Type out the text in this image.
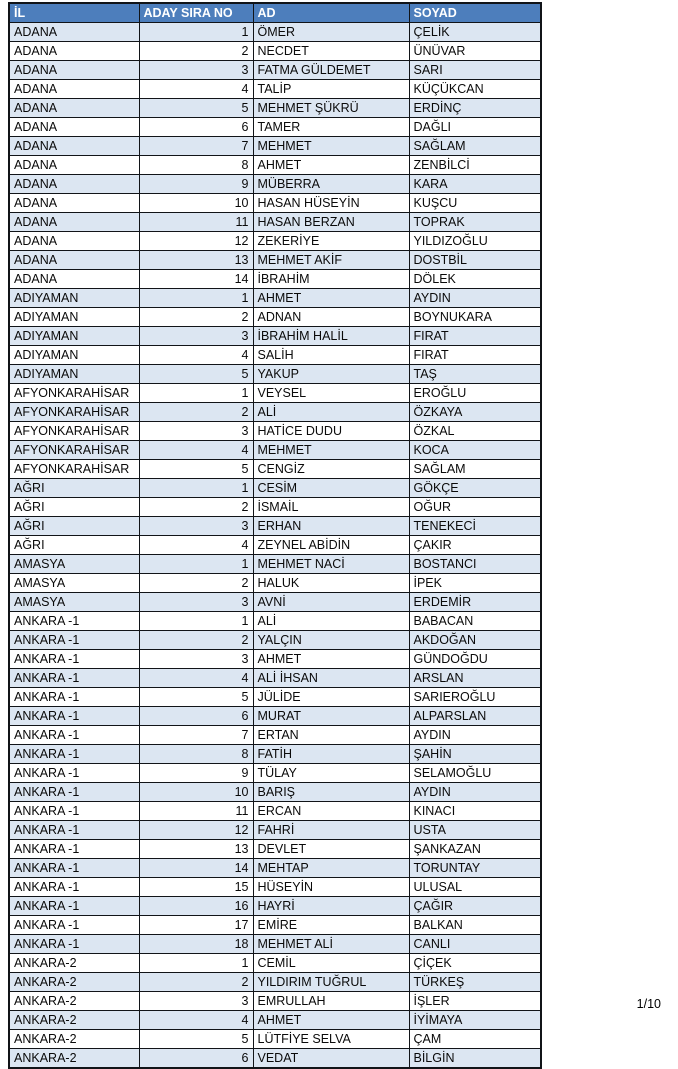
İL	ADAY SIRA NO	AD	SOYAD
ADANA	1	ÖMER	ÇELİK
ADANA	2	NECDET	ÜNÜVAR
ADANA	3	FATMA GÜLDEMET	SARI
ADANA	4	TALİP	KÜÇÜKCAN
ADANA	5	MEHMET ŞÜKRÜ	ERDİNÇ
ADANA	6	TAMER	DAĞLI
ADANA	7	MEHMET	SAĞLAM
ADANA	8	AHMET	ZENBİLCİ
ADANA	9	MÜBERRA	KARA
ADANA	10	HASAN HÜSEYİN	KUŞCU
ADANA	11	HASAN BERZAN	TOPRAK
ADANA	12	ZEKERİYE	YILDIZOĞLU
ADANA	13	MEHMET AKİF	DOSTBİL
ADANA	14	İBRAHİM	DÖLEK
ADIYAMAN	1	AHMET	AYDIN
ADIYAMAN	2	ADNAN	BOYNUKARA
ADIYAMAN	3	İBRAHİM HALİL	FIRAT
ADIYAMAN	4	SALİH	FIRAT
ADIYAMAN	5	YAKUP	TAŞ
AFYONKARAHİSAR	1	VEYSEL	EROĞLU
AFYONKARAHİSAR	2	ALİ	ÖZKAYA
AFYONKARAHİSAR	3	HATİCE DUDU	ÖZKAL
AFYONKARAHİSAR	4	MEHMET	KOCA
AFYONKARAHİSAR	5	CENGİZ	SAĞLAM
AĞRI	1	CESİM	GÖKÇE
AĞRI	2	İSMAİL	OĞUR
AĞRI	3	ERHAN	TENEKECİ
AĞRI	4	ZEYNEL ABİDİN	ÇAKIR
AMASYA	1	MEHMET NACİ	BOSTANCI
AMASYA	2	HALUK	İPEK
AMASYA	3	AVNİ	ERDEMİR
ANKARA -1	1	ALİ	BABACAN
ANKARA -1	2	YALÇIN	AKDOĞAN
ANKARA -1	3	AHMET	GÜNDOĞDU
ANKARA -1	4	ALİ İHSAN	ARSLAN
ANKARA -1	5	JÜLİDE	SARIEROĞLU
ANKARA -1	6	MURAT	ALPARSLAN
ANKARA -1	7	ERTAN	AYDIN
ANKARA -1	8	FATİH	ŞAHİN
ANKARA -1	9	TÜLAY	SELAMOĞLU
ANKARA -1	10	BARIŞ	AYDIN
ANKARA -1	11	ERCAN	KINACI
ANKARA -1	12	FAHRİ	USTA
ANKARA -1	13	DEVLET	ŞANKAZAN
ANKARA -1	14	MEHTAP	TORUNTAY
ANKARA -1	15	HÜSEYİN	ULUSAL
ANKARA -1	16	HAYRİ	ÇAĞIR
ANKARA -1	17	EMİRE	BALKAN
ANKARA -1	18	MEHMET ALİ	CANLI
ANKARA-2	1	CEMİL	ÇİÇEK
ANKARA-2	2	YILDIRIM TUĞRUL	TÜRKEŞ
ANKARA-2	3	EMRULLAH	İŞLER
ANKARA-2	4	AHMET	İYİMAYA
ANKARA-2	5	LÜTFİYE SELVA	ÇAM
ANKARA-2	6	VEDAT	BİLGİN
1/10
